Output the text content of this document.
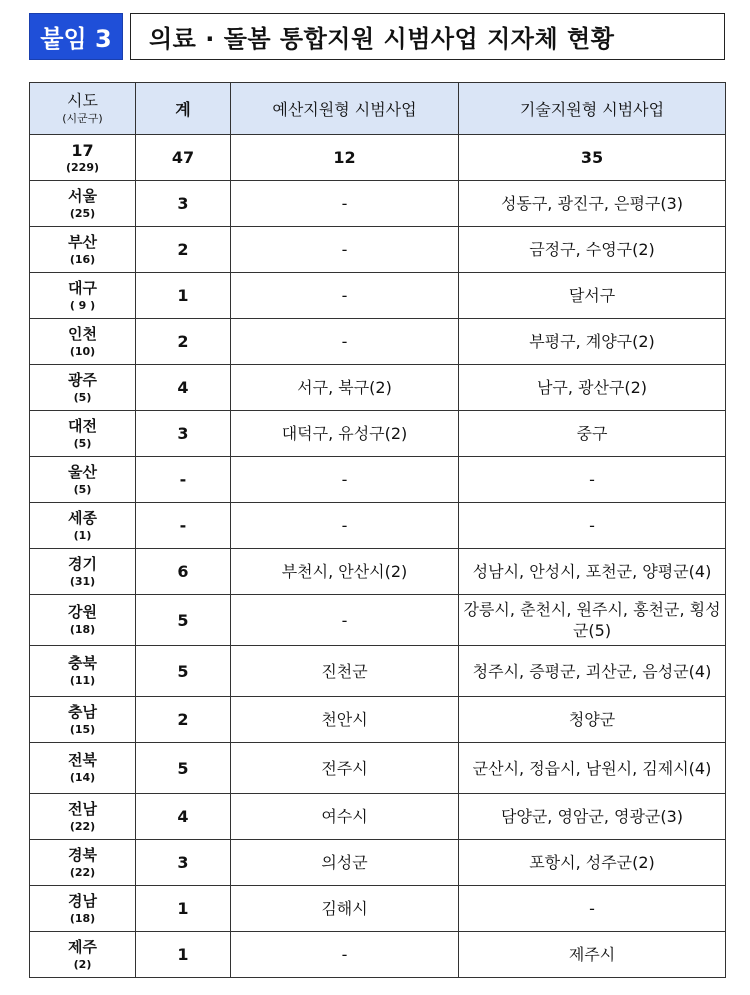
붙임 3	의료 · 돌봄 통합지원 시범사업 지자체 현황
시도
(시군구)	계	예산지원형 시범사업	기술지원형 시범사업

17
(229)	47	12	35

서울
(25)	3	-	성동구, 광진구, 은평구(3)

부산
(16)	2	-	금정구, 수영구(2)

대구
( 9 )	1	-	달서구

인천
(10)	2	-	부평구, 계양구(2)

광주
(5)	4	서구, 북구(2)	남구, 광산구(2)

대전
(5)	3	대덕구, 유성구(2)	중구

울산
(5)	-	-	-

세종
(1)	-	-	-

경기
(31)	6	부천시, 안산시(2)	성남시, 안성시, 포천군, 양평군(4)

강원
(18)	5	-	강릉시, 춘천시, 원주시, 홍천군, 횡성군(5)

충북
(11)	5	진천군	청주시, 증평군, 괴산군, 음성군(4)

충남
(15)	2	천안시	청양군

전북
(14)	5	전주시	군산시, 정읍시, 남원시, 김제시(4)

전남
(22)	4	여수시	담양군, 영암군, 영광군(3)

경북
(22)	3	의성군	포항시, 성주군(2)

경남
(18)	1	김해시	-

제주
(2)	1	-	제주시
